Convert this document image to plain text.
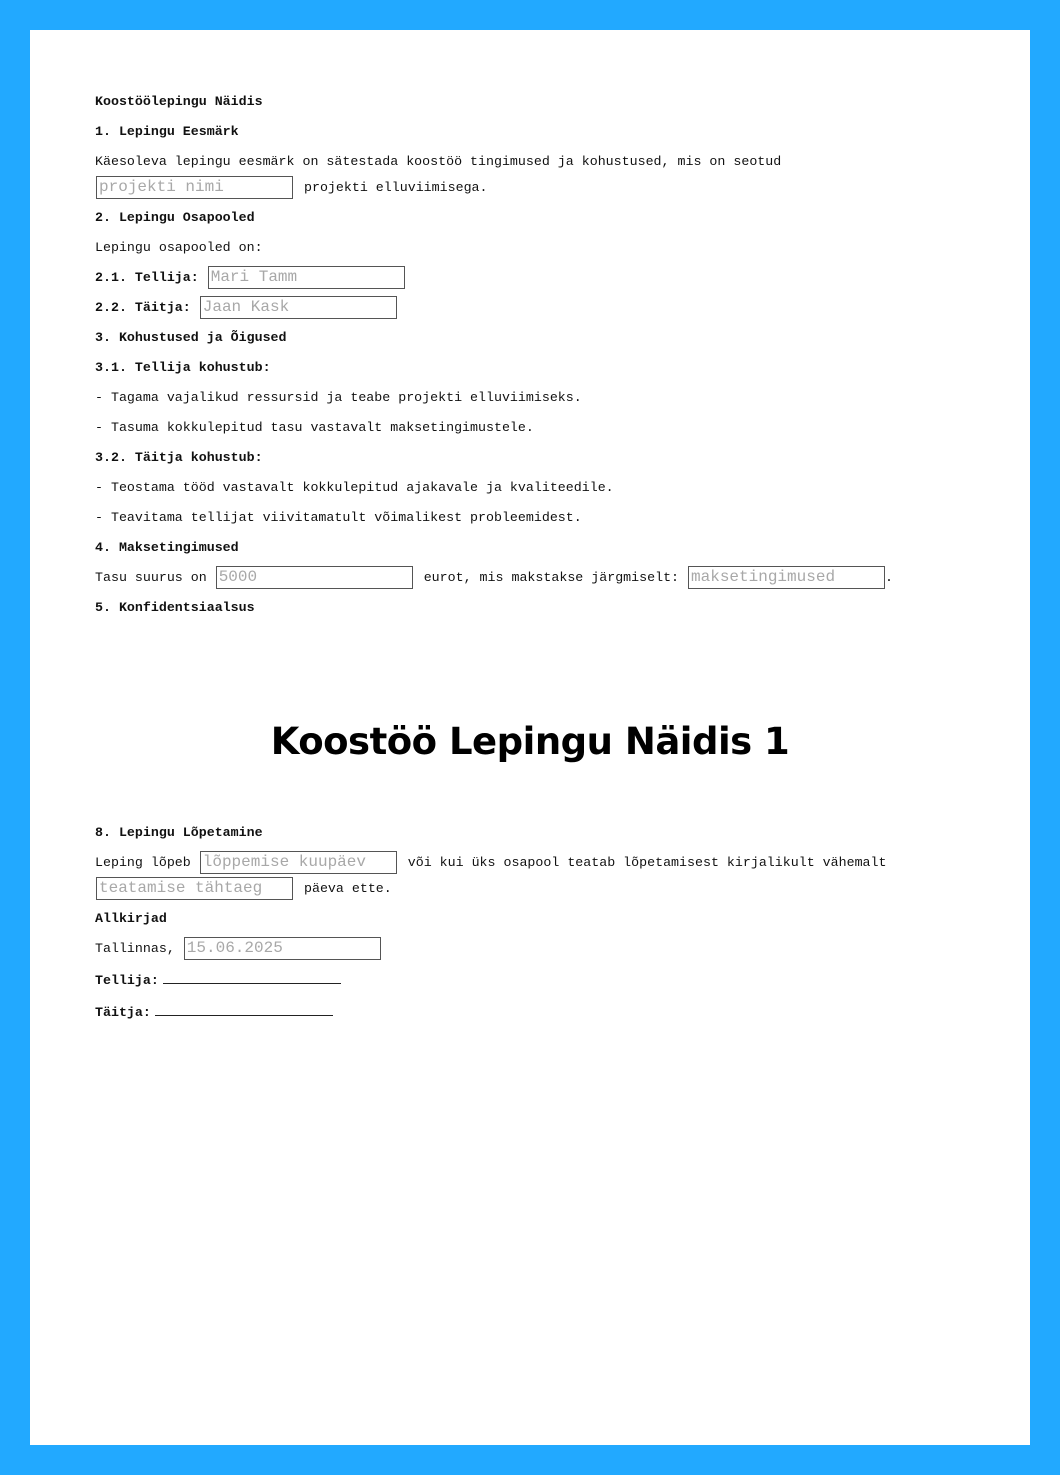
Koostöölepingu Näidis

1. Lepingu Eesmärk

Käesoleva lepingu eesmärk on sätestada koostöö tingimused ja kohustused, mis on seotud
projekti nimi projekti elluviimisega.

2. Lepingu Osapooled

Lepingu osapooled on:

2.1. Tellija: Mari Tamm

2.2. Täitja: Jaan Kask

3. Kohustused ja Õigused

3.1. Tellija kohustub:

- Tagama vajalikud ressursid ja teabe projekti elluviimiseks.

- Tasuma kokkulepitud tasu vastavalt maksetingimustele.

3.2. Täitja kohustub:

- Teostama tööd vastavalt kokkulepitud ajakavale ja kvaliteedile.

- Teavitama tellijat viivitamatult võimalikest probleemidest.

4. Maksetingimused

Tasu suurus on 5000	eurot, mis makstakse järgmiselt: maksetingimused	.

5. Konfidentsiaalsus

Koostöö Lepingu Näidis 1

8. Lepingu Lõpetamine

Leping lõpeb lõppemise kuupäev	või kui üks osapool teatab lõpetamisest kirjalikult vähemalt
teatamise tähtaeg päeva ette.

Allkirjad

Tallinnas, 15.06.2025

Tellija:

Täitja:
